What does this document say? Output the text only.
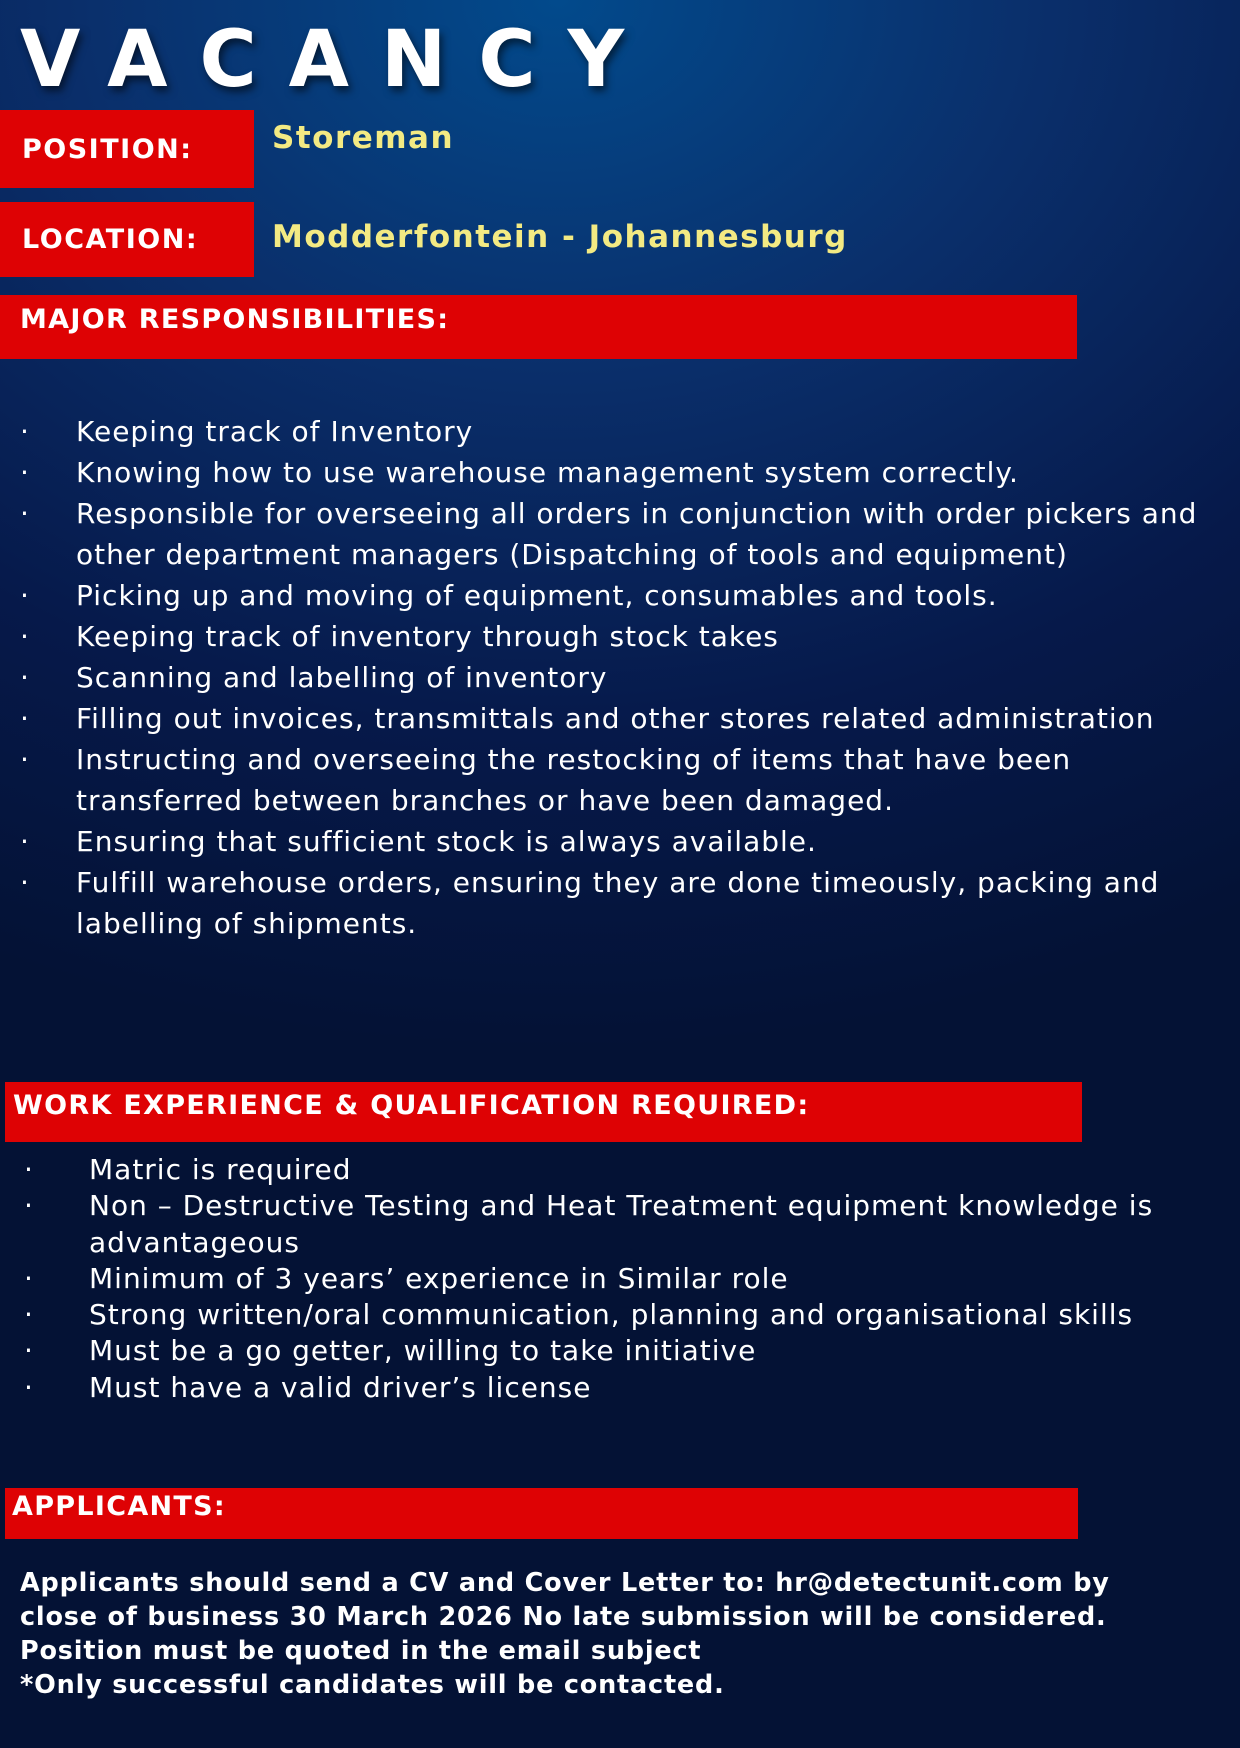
VACANCY
POSITION:	Storeman
LOCATION:	Modderfontein - Johannesburg
MAJOR RESPONSIBILITIES:
· Keeping track of Inventory
· Knowing how to use warehouse management system correctly.
· Responsible for overseeing all orders in conjunction with order pickers and other department managers (Dispatching of tools and equipment)
· Picking up and moving of equipment, consumables and tools.
· Keeping track of inventory through stock takes
· Scanning and labelling of inventory
· Filling out invoices, transmittals and other stores related administration
· Instructing and overseeing the restocking of items that have been transferred between branches or have been damaged.
· Ensuring that sufficient stock is always available.
· Fulfill warehouse orders, ensuring they are done timeously, packing and labelling of shipments.
WORK EXPERIENCE & QUALIFICATION REQUIRED:
· Matric is required
· Non – Destructive Testing and Heat Treatment equipment knowledge is advantageous
· Minimum of 3 years’ experience in Similar role
· Strong written/oral communication, planning and organisational skills
· Must be a go getter, willing to take initiative
· Must have a valid driver’s license
APPLICANTS:

Applicants should send a CV and Cover Letter to: hr@detectunit.com by
close of business 30 March 2026 No late submission will be considered.
Position must be quoted in the email subject
*Only successful candidates will be contacted.
